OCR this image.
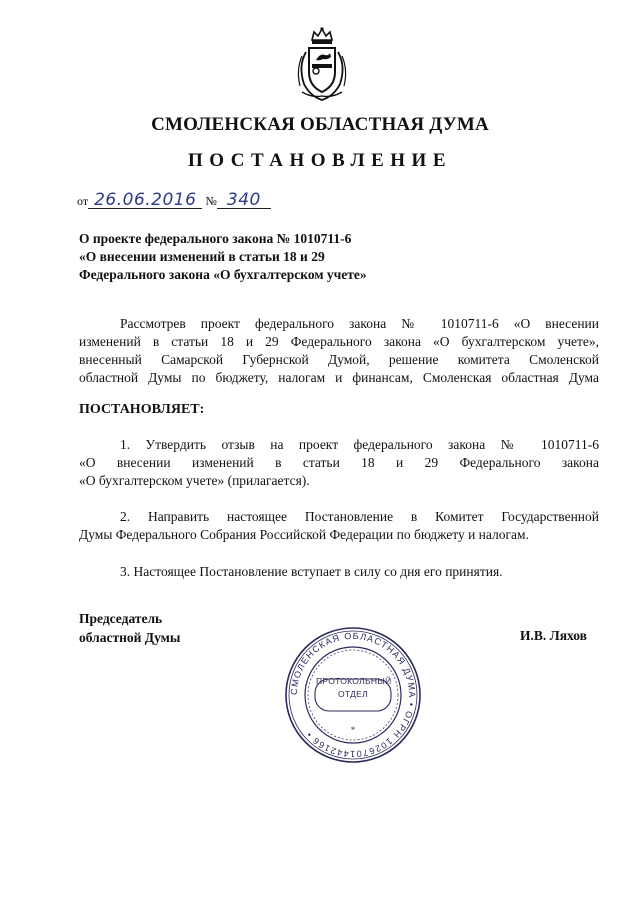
СМОЛЕНСКАЯ ОБЛАСТНАЯ ДУМА
ПОСТАНОВЛЕНИЕ
от 26.06.2016 № 340
О проекте федерального закона № 1010711-6
«О внесении изменений в статьи 18 и 29
Федерального закона «О бухгалтерском учете»
Рассмотрев проект федерального закона № 1010711-6 «О внесении
изменений в статьи 18 и 29 Федерального закона «О бухгалтерском учете»,
внесенный Самарской Губернской Думой, решение комитета Смоленской
областной Думы по бюджету, налогам и финансам, Смоленская областная Дума
ПОСТАНОВЛЯЕТ:
1. Утвердить отзыв на проект федерального закона № 1010711-6
«О внесении изменений в статьи 18 и 29 Федерального закона
«О бухгалтерском учете» (прилагается).
2. Направить настоящее Постановление в Комитет Государственной
Думы Федерального Собрания Российской Федерации по бюджету и налогам.
3. Настоящее Постановление вступает в силу со дня его принятия.
Председатель
областной Думы	И.В. Ляхов
СМОЛЕНСКАЯ ОБЛАСТНАЯ ДУМА • ОГРН 1026701442166 •	*
ПРОТОКОЛЬНЫЙ
ОТДЕЛ
